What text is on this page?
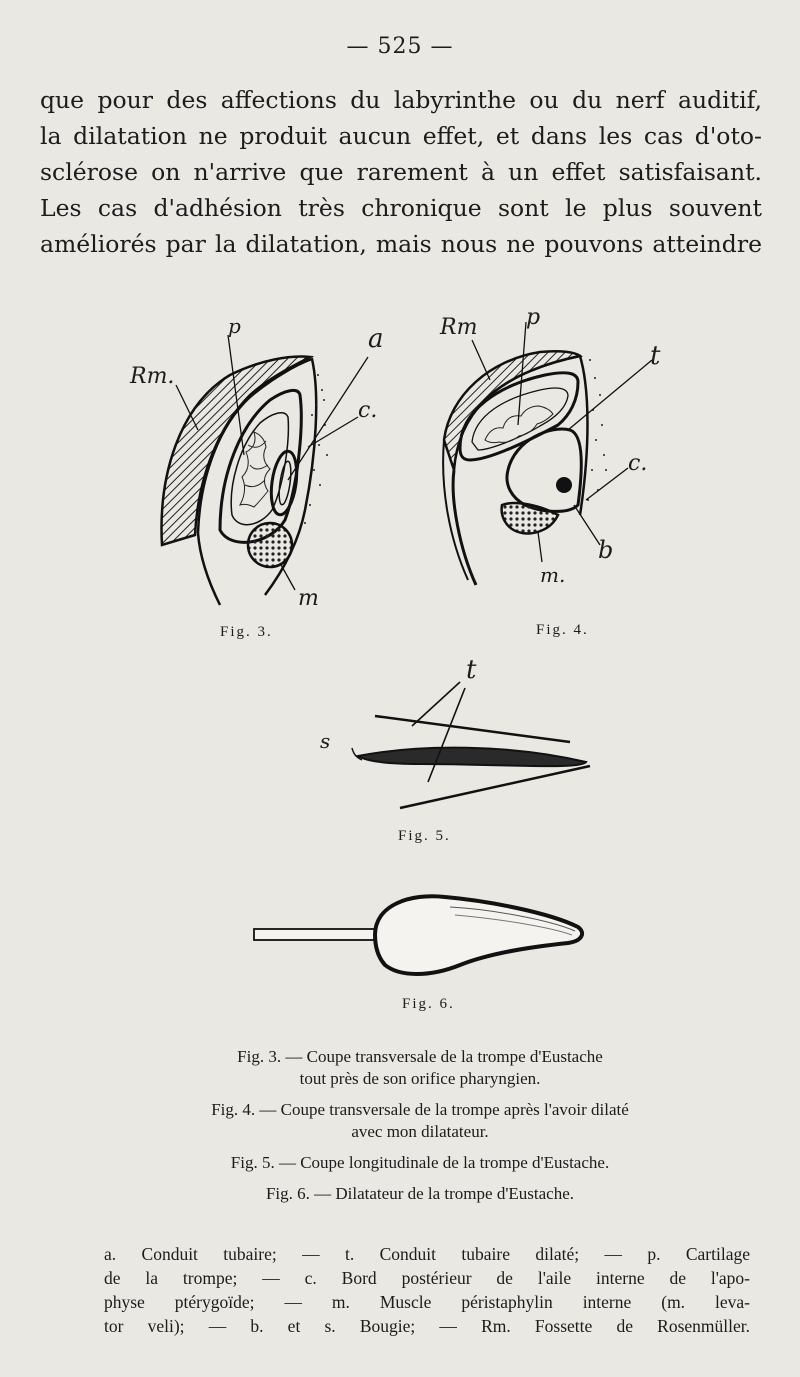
— 525 —
que pour des affections du labyrinthe ou du nerf auditif,
la dilatation ne produit aucun effet, et dans les cas d'oto-
sclérose on n'arrive que rarement à un effet satisfaisant.
Les cas d'adhésion très chronique sont le plus souvent
améliorés par la dilatation, mais nous ne pouvons atteindre
Rm.
p	a
c.
m
Fig. 3.
Rm p
t
c.
b
m.
Fig. 4.
t
s
Fig. 5.
Fig. 6.

Fig. 3. — Coupe transversale de la trompe d'Eustache
tout près de son orifice pharyngien.

Fig. 4. — Coupe transversale de la trompe après l'avoir dilaté
avec mon dilatateur.

Fig. 5. — Coupe longitudinale de la trompe d'Eustache.

Fig. 6. — Dilatateur de la trompe d'Eustache.

a. Conduit tubaire; — t. Conduit tubaire dilaté; — p. Cartilage
de la trompe; — c. Bord postérieur de l'aile interne de l'apo-
physe ptérygoïde; — m. Muscle péristaphylin interne (m. leva-
tor veli); — b. et s. Bougie; — Rm. Fossette de Rosenmüller.
